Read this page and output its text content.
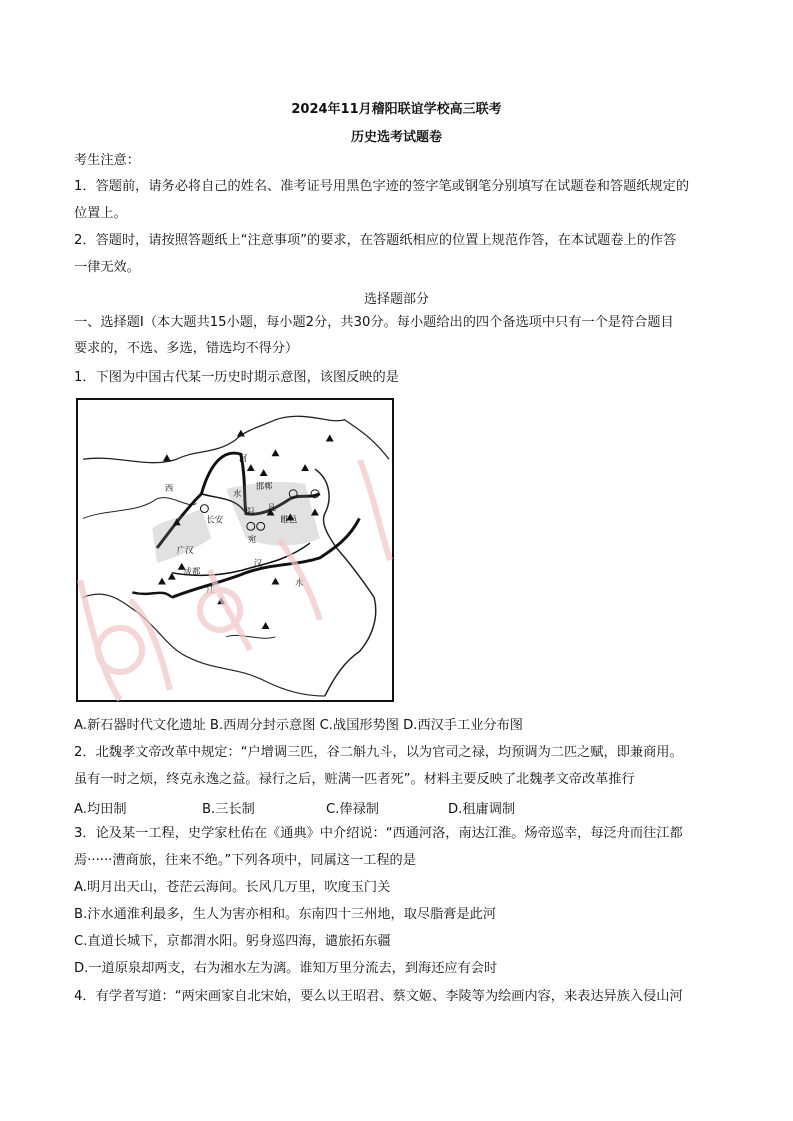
2024年11月稽阳联谊学校高三联考
历史选考试题卷
考生注意：
1．答题前，请务必将自己的姓名、准考证号用黑色字迹的签字笔或钢笔分别填写在试题卷和答题纸规定的
位置上。
2．答题时，请按照答题纸上“注意事项”的要求，在答题纸相应的位置上规范作答，在本试题卷上的作答
一律无效。
选择题部分
一、选择题Ⅰ（本大题共15小题，每小题2分，共30分。每小题给出的四个备选项中只有一个是符合题目
要求的，不选、多选，错选均不得分）
1．下图为中国古代某一历史时期示意图，该图反映的是
河
西
水
邯郸
阳
长安
凡
睢邑
宛
广汉
成都
汉
江
水
A.新石器时代文化遗址 B.西周分封示意图 C.战国形势图 D.西汉手工业分布图
2．北魏孝文帝改革中规定：“户增调三匹，谷二斛九斗，以为官司之禄，均预调为二匹之赋，即兼商用。
虽有一时之烦，终克永逸之益。禄行之后，赃满一匹者死”。材料主要反映了北魏孝文帝改革推行
A.均田制	B.三长制	C.俸禄制	D.租庸调制
3．论及某一工程，史学家杜佑在《通典》中介绍说：“西通河洛，南达江淮。炀帝巡幸，每泛舟而往江都
焉······漕商旅，往来不绝。”下列各项中，同属这一工程的是
A.明月出天山，苍茫云海间。长风几万里，吹度玉门关
B.汴水通淮利最多，生人为害亦相和。东南四十三州地，取尽脂膏是此河
C.直道长城下，京都渭水阳。躬身巡四海，谴旅拓东疆
D.一道原泉却两支，右为湘水左为漓。谁知万里分流去，到海还应有会时
4．有学者写道：“两宋画家自北宋始，要么以王昭君、蔡文姬、李陵等为绘画内容，来表达异族入侵山河
